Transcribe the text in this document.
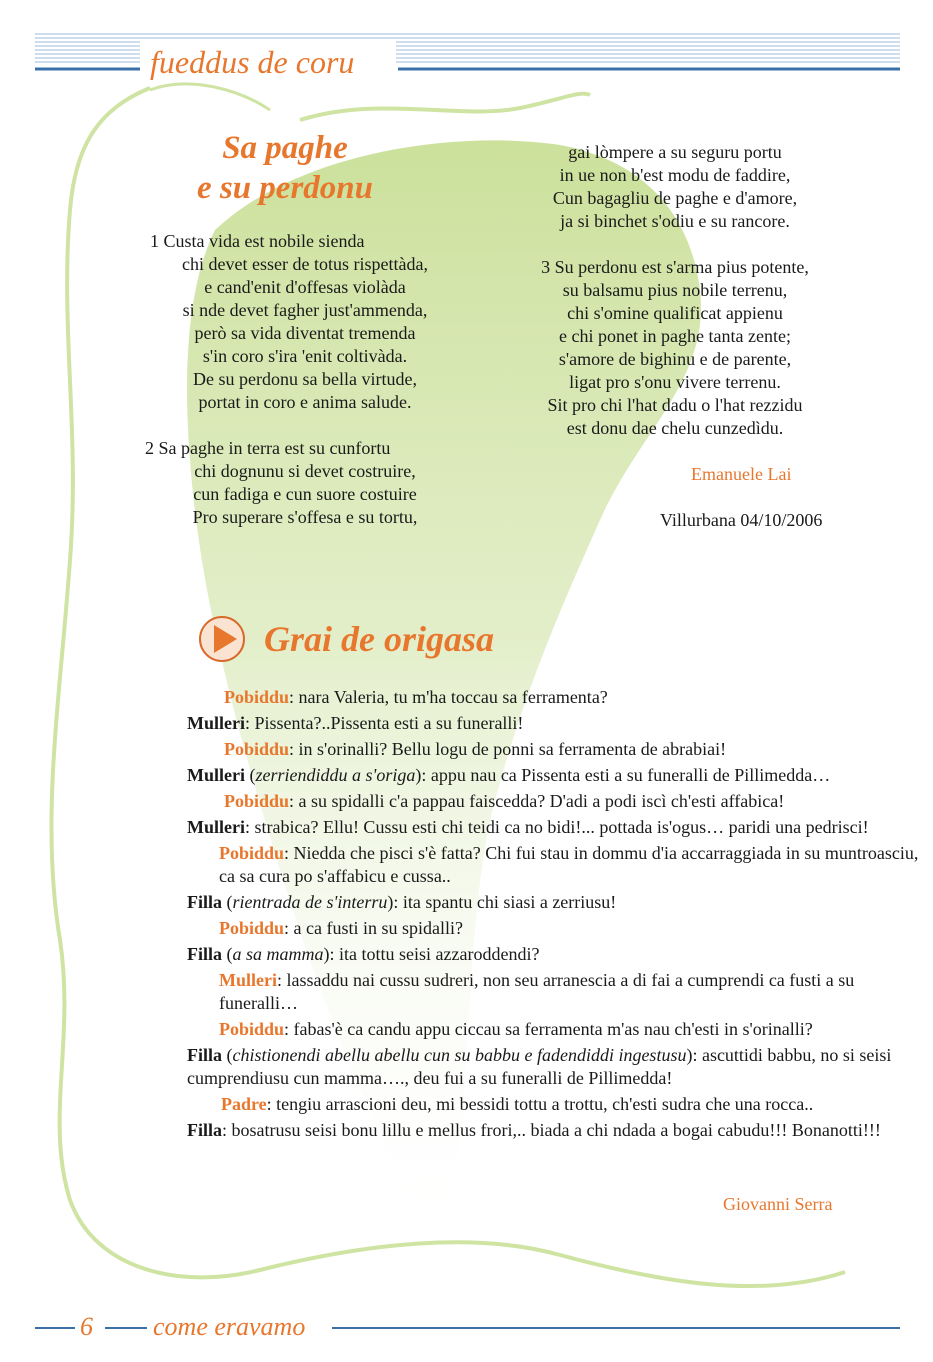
fueddus de coru
Sa paghe
e su perdonu
1 Custa vida est nobile sienda
chi devet esser de totus rispettàda,
e cand'enit d'offesas violàda
si nde devet fagher just'ammenda,
però sa vida diventat tremenda
s'in coro s'ira 'enit coltivàda.
De su perdonu sa bella virtude,
portat in coro e anima salude.
2 Sa paghe in terra est su cunfortu
chi dognunu si devet costruire,
cun fadiga e cun suore costuire
Pro superare s'offesa e su tortu,
gai lòmpere a su seguru portu
in ue non b'est modu de faddire,
Cun bagagliu de paghe e d'amore,
ja si binchet s'odiu e su rancore.
3 Su perdonu est s'arma pius potente,
su balsamu pius nobile terrenu,
chi s'omine qualificat appienu
e chi ponet in paghe tanta zente;
s'amore de bighinu e de parente,
ligat pro s'onu vivere terrenu.
Sit pro chi l'hat dadu o l'hat rezzidu
est donu dae chelu cunzedìdu.
Emanuele Lai
Villurbana 04/10/2006
Grai de origasa

Pobiddu: nara Valeria, tu m'ha toccau sa ferramenta?

Mulleri: Pissenta?..Pissenta esti a su funeralli!

Pobiddu: in s'orinalli? Bellu logu de ponni sa ferramenta de abrabiai!

Mulleri (zerriendiddu a s'origa): appu nau ca Pissenta esti a su funeralli de Pillimedda…

Pobiddu: a su spidalli c'a pappau faiscedda? D'adi a podi iscì ch'esti affabica!

Mulleri: strabica? Ellu! Cussu esti chi teidi ca no bidi!... pottada is'ogus… paridi una pedrisci!

Pobiddu: Niedda che pisci s'è fatta? Chi fui stau in dommu d'ia accarraggiada in su muntroasciu, ca sa cura po s'affabicu e cussa..

Filla (rientrada de s'interru): ita spantu chi siasi a zerriusu!

Pobiddu: a ca fusti in su spidalli?

Filla (a sa mamma): ita tottu seisi azzaroddendi?

Mulleri: lassaddu nai cussu sudreri, non seu arranescia a di fai a cumprendi ca fusti a su funeralli…

Pobiddu: fabas'è ca candu appu ciccau sa ferramenta m'as nau ch'esti in s'orinalli?

Filla (chistionendi abellu abellu cun su babbu e fadendiddi ingestusu): ascuttidi babbu, no si seisi cumprendiusu cun mamma…., deu fui a su funeralli de Pillimedda!

Padre: tengiu arrascioni deu, mi bessidi tottu a trottu, ch'esti sudra che una rocca..

Filla: bosatrusu seisi bonu lillu e mellus frori,.. biada a chi ndada a bogai cabudu!!! Bonanotti!!!

Giovanni Serra
6 come eravamo
